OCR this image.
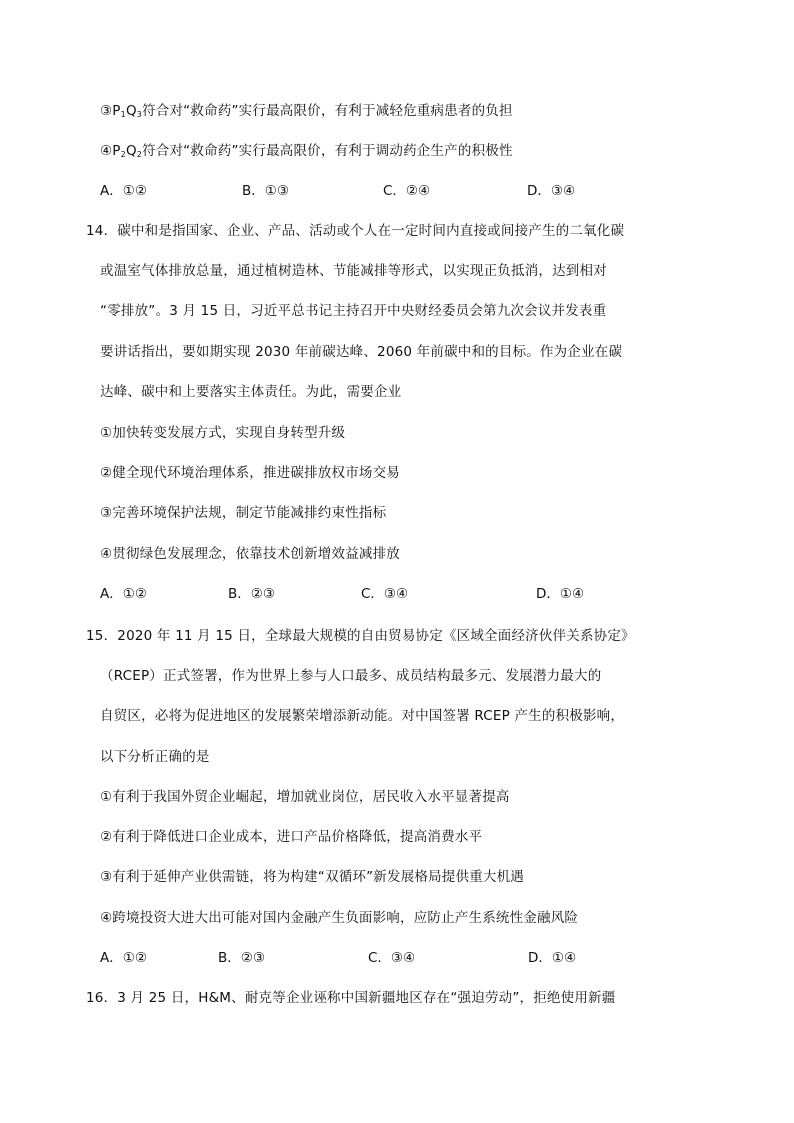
$③P_1Q_3$符合对“救命药”实行最高限价，有利于减轻危重病患者的负担
$④P_2Q_2$符合对“救命药”实行最高限价，有利于调动药企生产的积极性
A．①②	B．①③	C．②④	D．③④
14．碳中和是指国家、企业、产品、活动或个人在一定时间内直接或间接产生的二氧化碳
或温室气体排放总量，通过植树造林、节能减排等形式，以实现正负抵消，达到相对
“零排放”。3 月 15 日，习近平总书记主持召开中央财经委员会第九次会议并发表重
要讲话指出，要如期实现 2030 年前碳达峰、2060 年前碳中和的目标。作为企业在碳
达峰、碳中和上要落实主体责任。为此，需要企业
①加快转变发展方式，实现自身转型升级
②健全现代环境治理体系，推进碳排放权市场交易
③完善环境保护法规，制定节能减排约束性指标
④贯彻绿色发展理念，依靠技术创新增效益减排放
A．①②	B．②③	C．③④	D．①④
15．2020 年 11 月 15 日，全球最大规模的自由贸易协定《区域全面经济伙伴关系协定》
（RCEP）正式签署，作为世界上参与人口最多、成员结构最多元、发展潜力最大的
自贸区，必将为促进地区的发展繁荣增添新动能。对中国签署 RCEP 产生的积极影响，
以下分析正确的是
①有利于我国外贸企业崛起，增加就业岗位，居民收入水平显著提高
②有利于降低进口企业成本，进口产品价格降低，提高消费水平
③有利于延伸产业供需链，将为构建“双循环”新发展格局提供重大机遇
④跨境投资大进大出可能对国内金融产生负面影响，应防止产生系统性金融风险
A．①②	B．②③	C．③④	D．①④
16．3 月 25 日，H&M、耐克等企业诬称中国新疆地区存在“强迫劳动”，拒绝使用新疆
